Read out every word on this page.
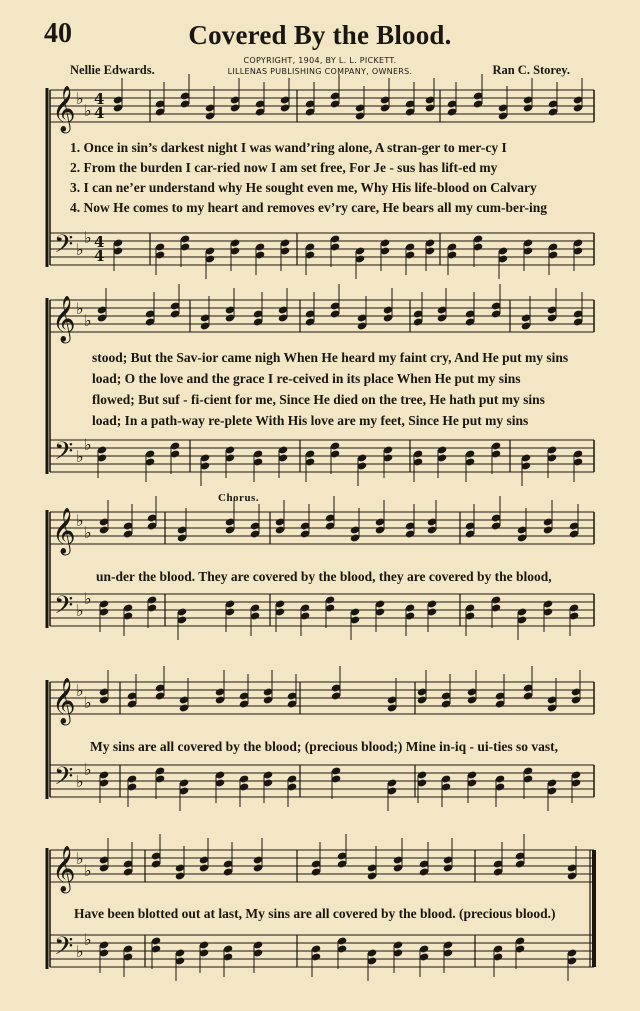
40	Covered By the Blood.
Nellie Edwards.
COPYRIGHT, 1904, BY L. L. PICKETT.
LILLENAS PUBLISHING COMPANY, OWNERS.	Ran C. Storey.
𝄞
𝄢
♭
♭
♭
♭
4
4
4
4
𝄞
𝄢
♭
♭
♭
♭
𝄞
𝄢
♭
♭
♭
♭
𝄞
𝄢
♭
♭
♭
♭
𝄞
𝄢
♭
♭
♭
♭
1. Once in sin’s darkest night I was wand’ring alone, A stran-ger to mer-cy I
2. From the burden I car-ried now I am set free, For Je - sus has lift-ed my
3. I can ne’er understand why He sought even me, Why His life-blood on Calvary
4. Now He comes to my heart and removes ev’ry care, He bears all my cum-ber-ing
stood; But the Sav-ior came nigh When He heard my faint cry, And He put my sins
load; O the love and the grace I re-ceived in its place When He put my sins
flowed; But suf - fi-cient for me, Since He died on the tree, He hath put my sins
load; In a path-way re-plete With His love are my feet, Since He put my sins
Chorus.
un-der the blood. They are covered by the blood, they are covered by the blood,
My sins are all covered by the blood; (precious blood;) Mine in-iq - ui-ties so vast,
Have been blotted out at last, My sins are all covered by the blood. (precious blood.)
